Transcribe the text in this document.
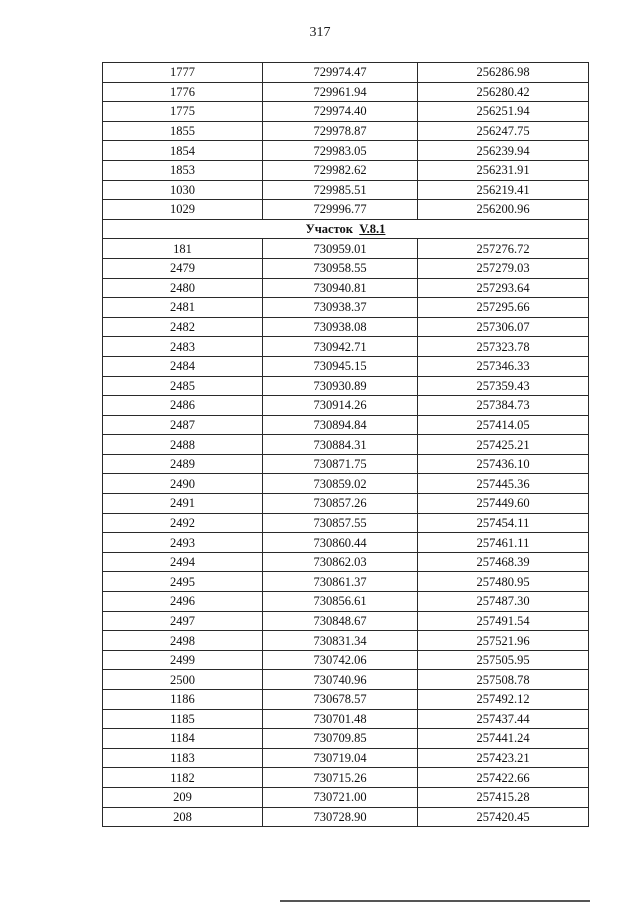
317
1777	729974.47	256286.98
1776	729961.94	256280.42
1775	729974.40	256251.94
1855	729978.87	256247.75
1854	729983.05	256239.94
1853	729982.62	256231.91
1030	729985.51	256219.41
1029	729996.77	256200.96
Участок V.8.1		
181	730959.01	257276.72
2479	730958.55	257279.03
2480	730940.81	257293.64
2481	730938.37	257295.66
2482	730938.08	257306.07
2483	730942.71	257323.78
2484	730945.15	257346.33
2485	730930.89	257359.43
2486	730914.26	257384.73
2487	730894.84	257414.05
2488	730884.31	257425.21
2489	730871.75	257436.10
2490	730859.02	257445.36
2491	730857.26	257449.60
2492	730857.55	257454.11
2493	730860.44	257461.11
2494	730862.03	257468.39
2495	730861.37	257480.95
2496	730856.61	257487.30
2497	730848.67	257491.54
2498	730831.34	257521.96
2499	730742.06	257505.95
2500	730740.96	257508.78
1186	730678.57	257492.12
1185	730701.48	257437.44
1184	730709.85	257441.24
1183	730719.04	257423.21
1182	730715.26	257422.66
209	730721.00	257415.28
208	730728.90	257420.45
